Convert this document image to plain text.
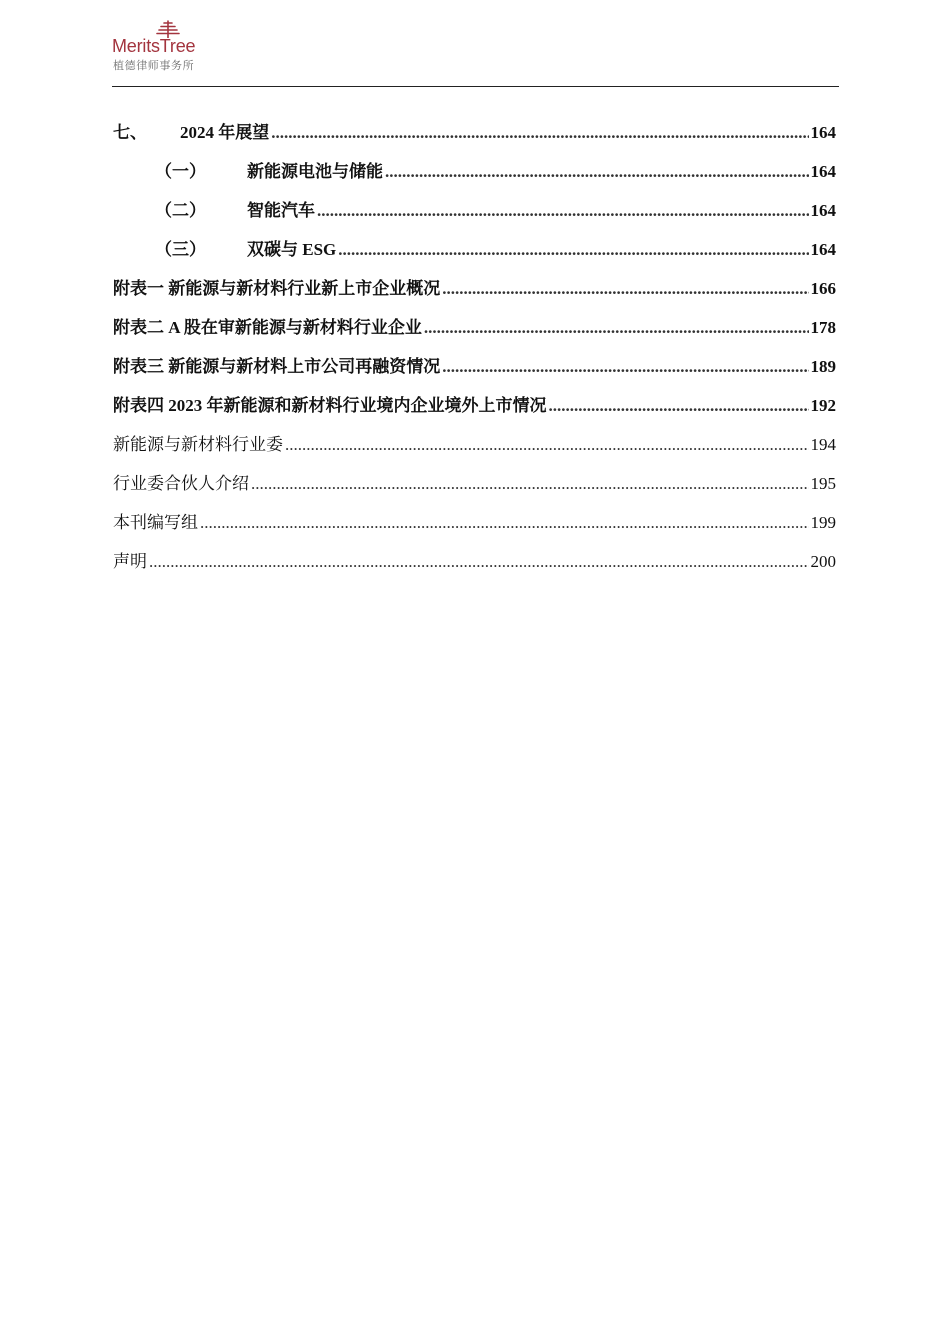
MeritsTree
植德律师事务所
七、	2024 年展望 .....	164
（一）	新能源电池与储能 .....	164
（二）	智能汽车 .....	164
（三）	双碳与 ESG .....	164
附表一 新能源与新材料行业新上市企业概况 .....	166
附表二 A 股在审新能源与新材料行业企业 .....	178
附表三 新能源与新材料上市公司再融资情况 .....	189
附表四 2023 年新能源和新材料行业境内企业境外上市情况 .....	192
新能源与新材料行业委 .....	194
行业委合伙人介绍 .....	195
本刊编写组 .....	199
声明 .....	200
